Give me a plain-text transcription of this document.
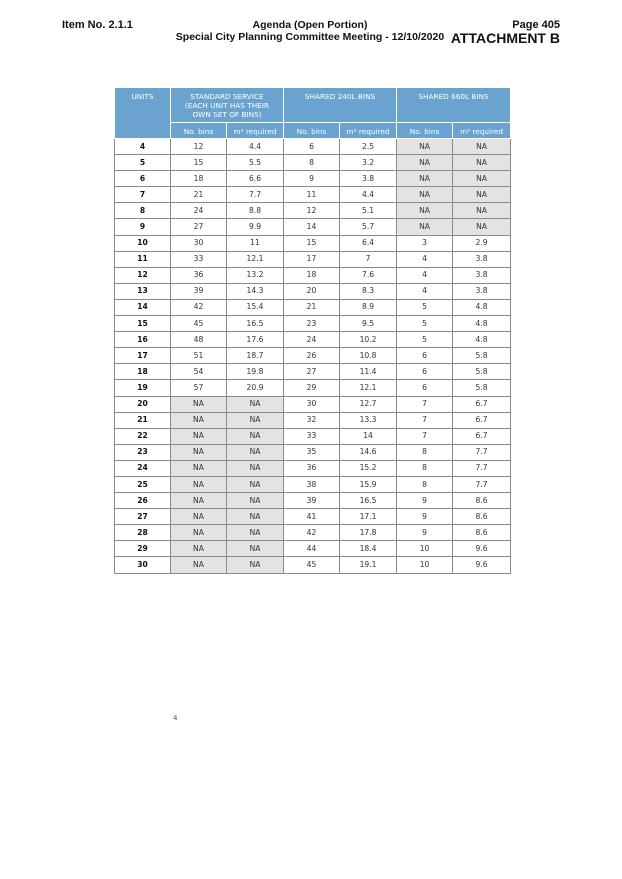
Item No. 2.1.1	Agenda (Open Portion)
Special City Planning Committee Meeting - 12/10/2020
Page 405
ATTACHMENT B
UNITS	STANDARD SERVICE (EACH UNIT HAS THEIR OWN SET OF BINS)		SHARED 240L BINS		SHARED 660L BINS	
	No. bins	m² required	No. bins	m² required	No. bins	m² required
4	12	4.4	6	2.5	NA	NA
5	15	5.5	8	3.2	NA	NA
6	18	6.6	9	3.8	NA	NA
7	21	7.7	11	4.4	NA	NA
8	24	8.8	12	5.1	NA	NA
9	27	9.9	14	5.7	NA	NA
10	30	11	15	6.4	3	2.9
11	33	12.1	17	7	4	3.8
12	36	13.2	18	7.6	4	3.8
13	39	14.3	20	8.3	4	3.8
14	42	15.4	21	8.9	5	4.8
15	45	16.5	23	9.5	5	4.8
16	48	17.6	24	10.2	5	4.8
17	51	18.7	26	10.8	6	5.8
18	54	19.8	27	11.4	6	5.8
19	57	20.9	29	12.1	6	5.8
20	NA	NA	30	12.7	7	6.7
21	NA	NA	32	13.3	7	6.7
22	NA	NA	33	14	7	6.7
23	NA	NA	35	14.6	8	7.7
24	NA	NA	36	15.2	8	7.7
25	NA	NA	38	15.9	8	7.7
26	NA	NA	39	16.5	9	8.6
27	NA	NA	41	17.1	9	8.6
28	NA	NA	42	17.8	9	8.6
29	NA	NA	44	18.4	10	9.6
30	NA	NA	45	19.1	10	9.6
4
